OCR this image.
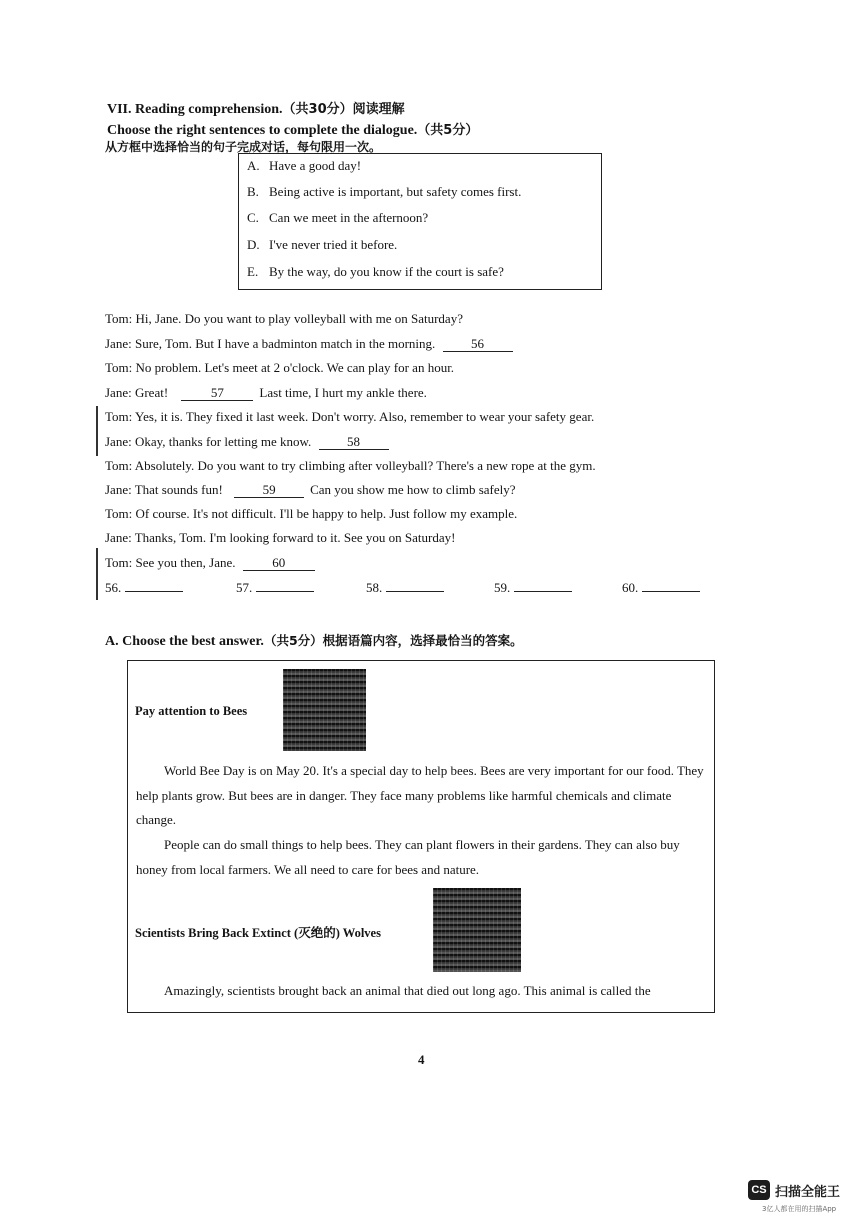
VII. Reading comprehension.（共30分）阅读理解
Choose the right sentences to complete the dialogue.（共5分）
从方框中选择恰当的句子完成对话，每句限用一次。
A. Have a good day!
B. Being active is important, but safety comes first.
C. Can we meet in the afternoon?
D. I've never tried it before.
E. By the way, do you know if the court is safe?
Tom: Hi, Jane. Do you want to play volleyball with me on Saturday?
Jane: Sure, Tom. But I have a badminton match in the morning.	56
Tom: No problem. Let's meet at 2 o'clock. We can play for an hour.
Jane: Great!	57	Last time, I hurt my ankle there.
Tom: Yes, it is. They fixed it last week. Don't worry. Also, remember to wear your safety gear.
Jane: Okay, thanks for letting me know.	58
Tom: Absolutely. Do you want to try climbing after volleyball? There's a new rope at the gym.
Jane: That sounds fun!	59	Can you show me how to climb safely?
Tom: Of course. It's not difficult. I'll be happy to help. Just follow my example.
Jane: Thanks, Tom. I'm looking forward to it. See you on Saturday!
Tom: See you then, Jane.	60
56.	57.	58.	59.	60.
A. Choose the best answer.（共5分）根据语篇内容，选择最恰当的答案。
Pay attention to Bees
World Bee Day is on May 20. It's a special day to help bees. Bees are very important for our food. They help plants grow. But bees are in danger. They face many problems like harmful chemicals and climate change.
People can do small things to help bees. They can plant flowers in their gardens. They can also buy honey from local farmers. We all need to care for bees and nature.
Scientists Bring Back Extinct (灭绝的) Wolves
Amazingly, scientists brought back an animal that died out long ago. This animal is called the
4
CS 扫描全能王
3亿人都在用的扫描App
